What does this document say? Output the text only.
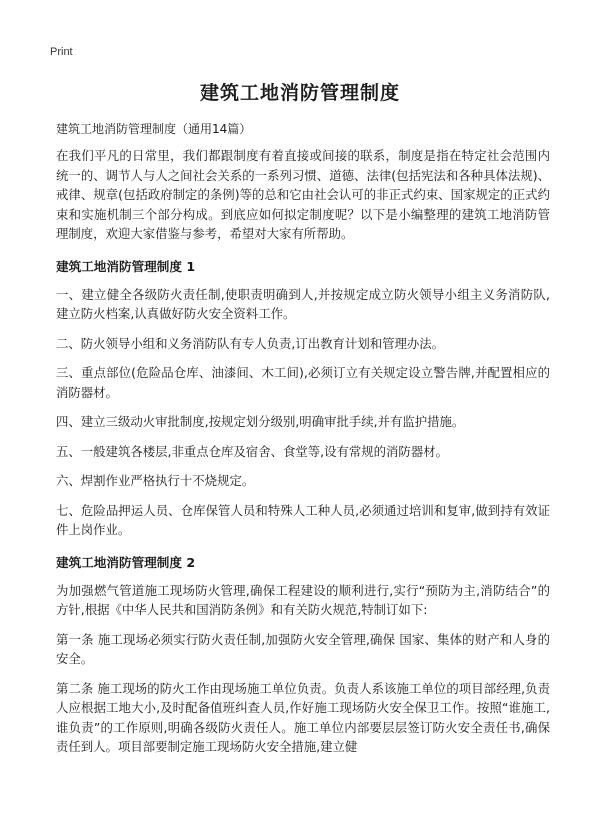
Print
建筑工地消防管理制度
建筑工地消防管理制度（通用14篇）

在我们平凡的日常里，我们都跟制度有着直接或间接的联系，制度是指在特定社会范围内统一的、调节人与人之间社会关系的一系列习惯、道德、法律(包括宪法和各种具体法规)、戒律、规章(包括政府制定的条例)等的总和它由社会认可的非正式约束、国家规定的正式约束和实施机制三个部分构成。到底应如何拟定制度呢？以下是小编整理的建筑工地消防管理制度，欢迎大家借鉴与参考，希望对大家有所帮助。

建筑工地消防管理制度 1

一、建立健全各级防火责任制,使职责明确到人,并按规定成立防火领导小组主义务消防队,建立防火档案,认真做好防火安全资料工作。

二、防火领导小组和义务消防队有专人负责,订出教育计划和管理办法。

三、重点部位(危险品仓库、油漆间、木工间),必须订立有关规定设立警告牌,并配置相应的消防器材。

四、建立三级动火审批制度,按规定划分级别,明确审批手续,并有监护措施。

五、一般建筑各楼层,非重点仓库及宿舍、食堂等,设有常规的消防器材。

六、焊割作业严格执行十不烧规定。

七、危险品押运人员、仓库保管人员和特殊人工种人员,必须通过培训和复审,做到持有效证件上岗作业。

建筑工地消防管理制度 2

为加强燃气管道施工现场防火管理,确保工程建设的顺利进行,实行“预防为主,消防结合”的方针,根据《中华人民共和国消防条例》和有关防火规范,特制订如下:

第一条 施工现场必须实行防火责任制,加强防火安全管理,确保 国家、集体的财产和人身的安全。

第二条 施工现场的防火工作由现场施工单位负责。负责人系该施工单位的项目部经理,负责人应根据工地大小,及时配备值班纠查人员,作好施工现场防火安全保卫工作。按照“谁施工,谁负责”的工作原则,明确各级防火责任人。施工单位内部要层层签订防火安全责任书,确保责任到人。项目部要制定施工现场防火安全措施,建立健
